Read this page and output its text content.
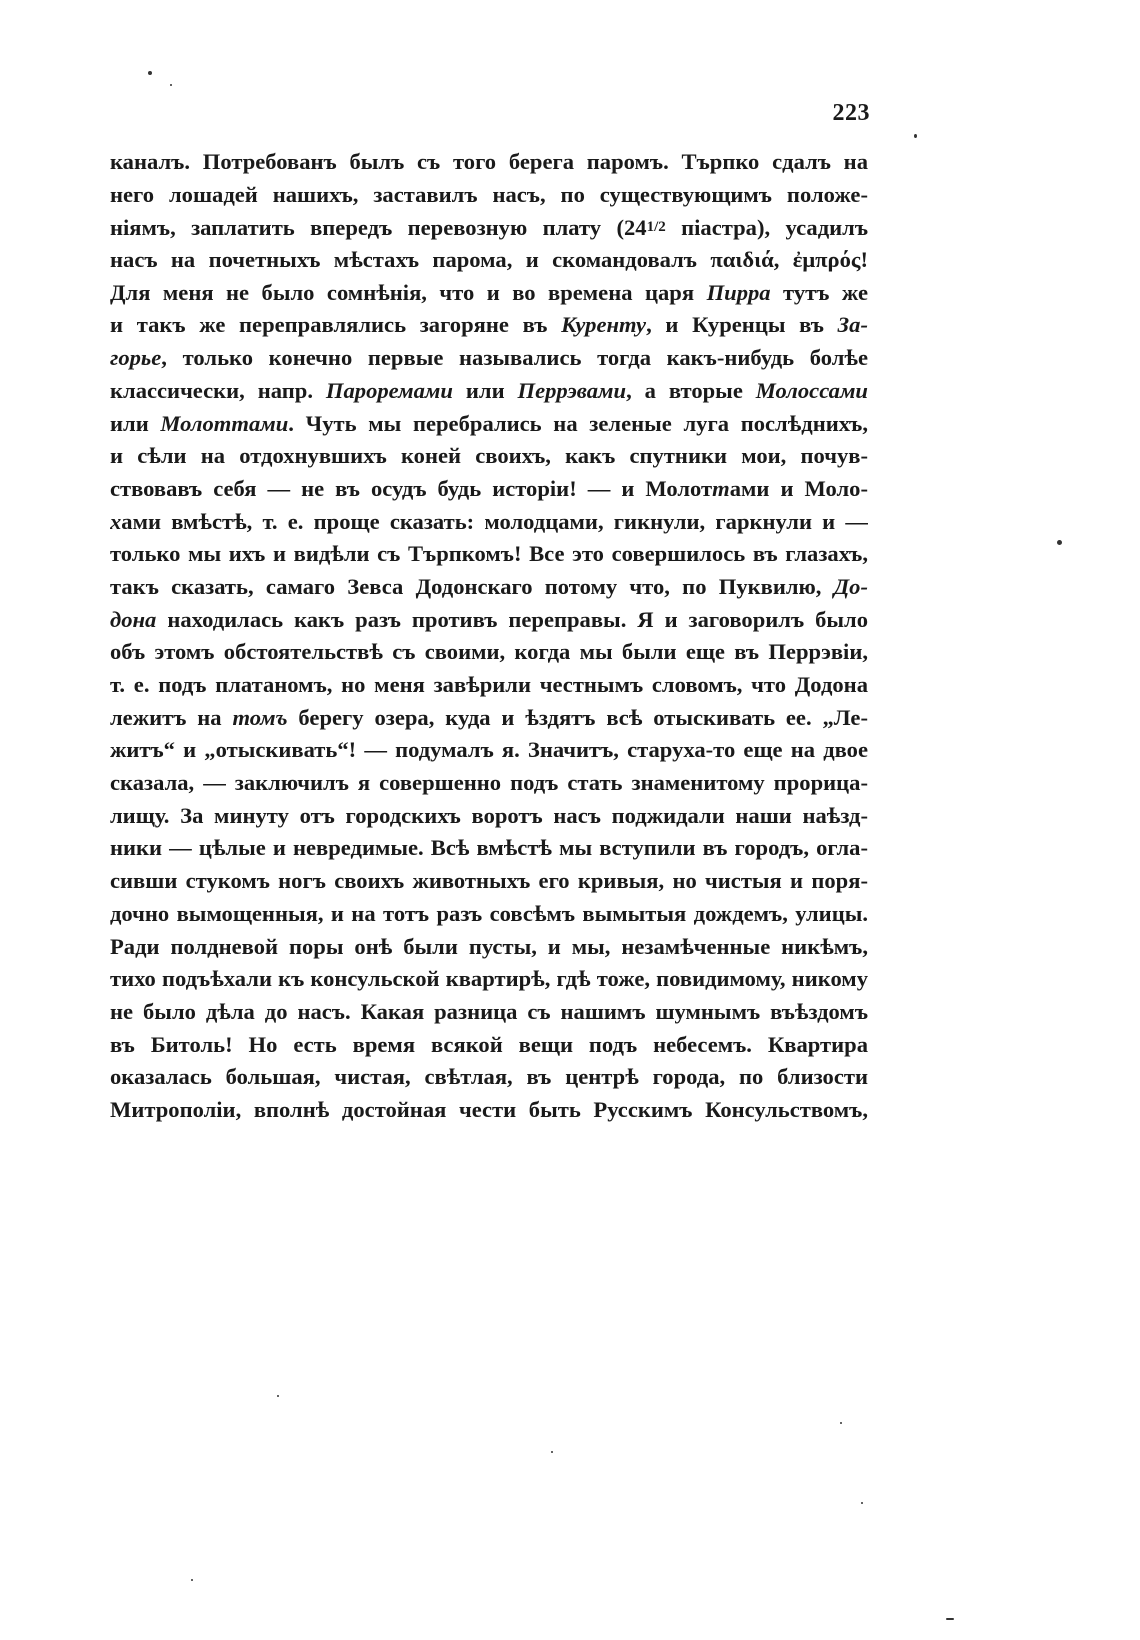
223
каналъ. Потребованъ былъ съ того берега паромъ. Търпко сдалъ на
него лошадей нашихъ, заставилъ насъ, по существующимъ положе-
ніямъ, заплатить впередъ перевозную плату (241/2 піастра), усадилъ
насъ на почетныхъ мѣстахъ парома, и скомандовалъ παιδιά, ἐμπρός!
Для меня не было сомнѣнія, что и во времена царя Пирра тутъ же
и такъ же переправлялись загоряне въ Куренту, и Куренцы въ За-
горье, только конечно первые назывались тогда какъ-нибудь болѣе
классически, напр. Пароремами или Перрэвами, а вторые Молоссами
или Молоттами. Чуть мы перебрались на зеленые луга послѣднихъ,
и сѣли на отдохнувшихъ коней своихъ, какъ спутники мои, почув-
ствовавъ себя — не въ осудъ будь исторіи! — и Молоттами и Моло-
хами вмѣстѣ, т. е. проще сказать: молодцами, гикнули, гаркнули и —
только мы ихъ и видѣли съ Търпкомъ! Все это совершилось въ глазахъ,
такъ сказать, самаго Зевса Додонскаго потому что, по Пуквилю, До-
дона находилась какъ разъ противъ переправы. Я и заговорилъ было
объ этомъ обстоятельствѣ съ своими, когда мы были еще въ Перрэвіи,
т. е. подъ платаномъ, но меня завѣрили честнымъ словомъ, что Додона
лежитъ на томъ берегу озера, куда и ѣздятъ всѣ отыскивать ее. „Ле-
житъ“ и „отыскивать“! — подумалъ я. Значитъ, старуха-то еще на двое
сказала, — заключилъ я совершенно подъ стать знаменитому прорица-
лищу. За минуту отъ городскихъ воротъ насъ поджидали наши наѣзд-
ники — цѣлые и невредимые. Всѣ вмѣстѣ мы вступили въ городъ, огла-
сивши стукомъ ногъ своихъ животныхъ его кривыя, но чистыя и поря-
дочно вымощенныя, и на тотъ разъ совсѣмъ вымытыя дождемъ, улицы.
Ради полдневой поры онѣ были пусты, и мы, незамѣченные никѣмъ,
тихо подъѣхали къ консульской квартирѣ, гдѣ тоже, повидимому, никому
не было дѣла до насъ. Какая разница съ нашимъ шумнымъ въѣздомъ
въ Битоль! Но есть время всякой вещи подъ небесемъ. Квартира
оказалась большая, чистая, свѣтлая, въ центрѣ города, по близости
Митрополіи, вполнѣ достойная чести быть Русскимъ Консульствомъ,
